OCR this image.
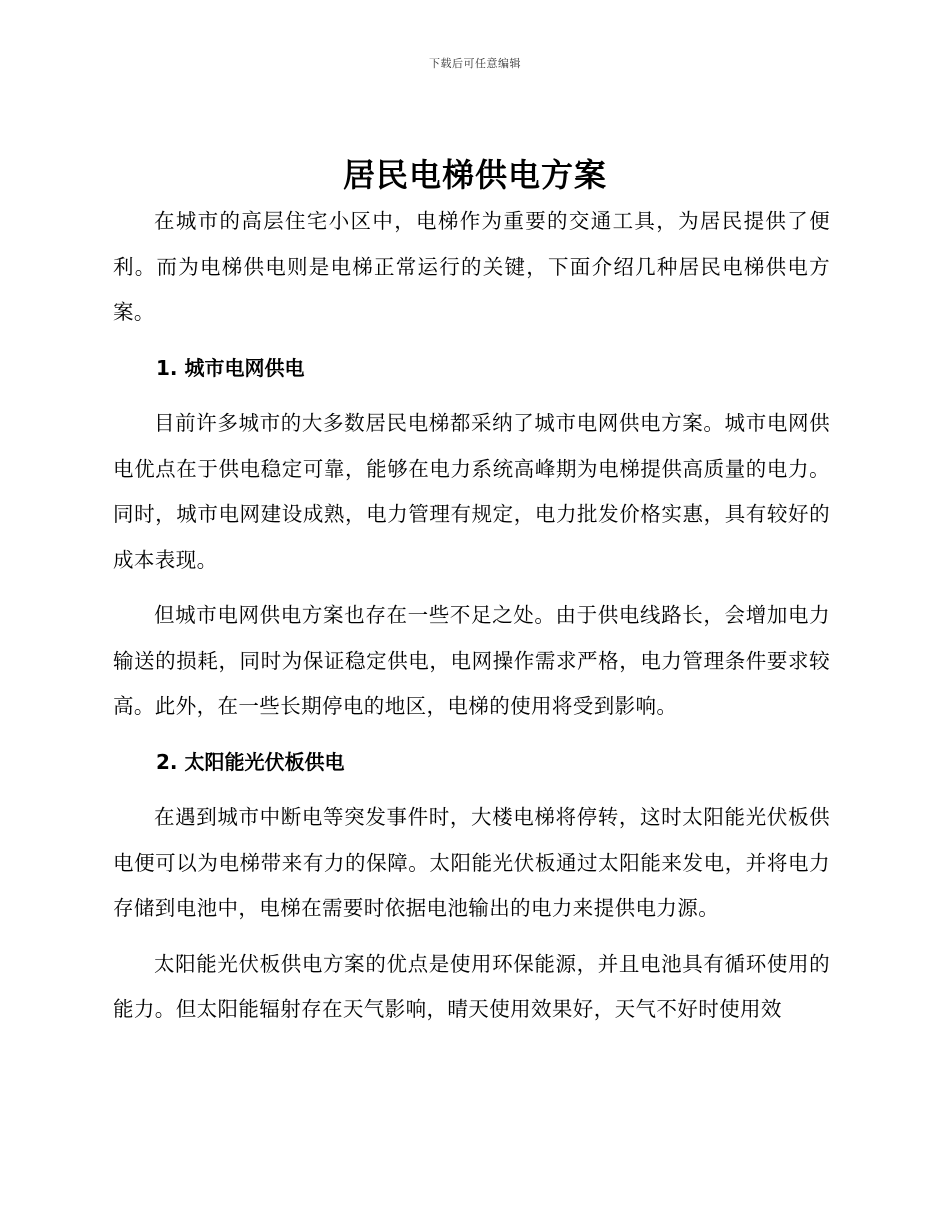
下载后可任意编辑
居民电梯供电方案

在城市的高层住宅小区中，电梯作为重要的交通工具，为居民提供了便利。而为电梯供电则是电梯正常运行的关键，下面介绍几种居民电梯供电方案。

1. 城市电网供电

目前许多城市的大多数居民电梯都采纳了城市电网供电方案。城市电网供电优点在于供电稳定可靠，能够在电力系统高峰期为电梯提供高质量的电力。同时，城市电网建设成熟，电力管理有规定，电力批发价格实惠，具有较好的成本表现。

但城市电网供电方案也存在一些不足之处。由于供电线路长，会增加电力输送的损耗，同时为保证稳定供电，电网操作需求严格，电力管理条件要求较高。此外，在一些长期停电的地区，电梯的使用将受到影响。

2. 太阳能光伏板供电

在遇到城市中断电等突发事件时，大楼电梯将停转，这时太阳能光伏板供电便可以为电梯带来有力的保障。太阳能光伏板通过太阳能来发电，并将电力存储到电池中，电梯在需要时依据电池输出的电力来提供电力源。

太阳能光伏板供电方案的优点是使用环保能源，并且电池具有循环使用的能力。但太阳能辐射存在天气影响，晴天使用效果好，天气不好时使用效
